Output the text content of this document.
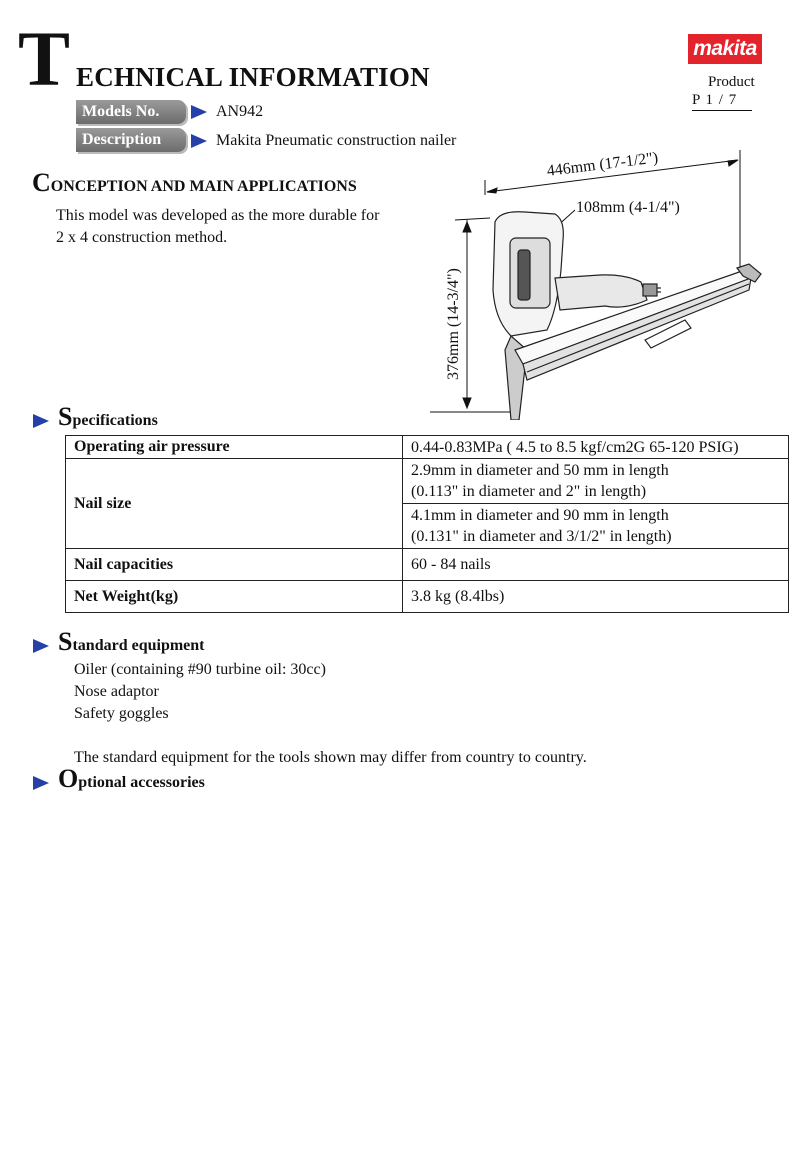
T ECHNICAL INFORMATION
makita
Product
P 1 / 7
Models No.	AN942
Description	Makita Pneumatic construction nailer
CONCEPTION AND MAIN APPLICATIONS
This model was developed as the more durable for
2 x 4 construction method.
446mm (17-1/2")
108mm (4-1/4")
376mm (14-3/4")
Specifications
Operating air pressure	0.44-0.83MPa ( 4.5 to 8.5 kgf/cm2G 65-120 PSIG)
Nail size	2.9mm in diameter and 50 mm in length
(0.113" in diameter and 2" in length)

	4.1mm in diameter and 90 mm in length
(0.131" in diameter and 3/1/2" in length)

Nail capacities	60 - 84 nails
Net Weight(kg)	3.8 kg (8.4lbs)
Standard equipment
Oiler (containing #90 turbine oil: 30cc)
Nose adaptor
Safety goggles
The standard equipment for the tools shown may differ from country to country.
Optional accessories
